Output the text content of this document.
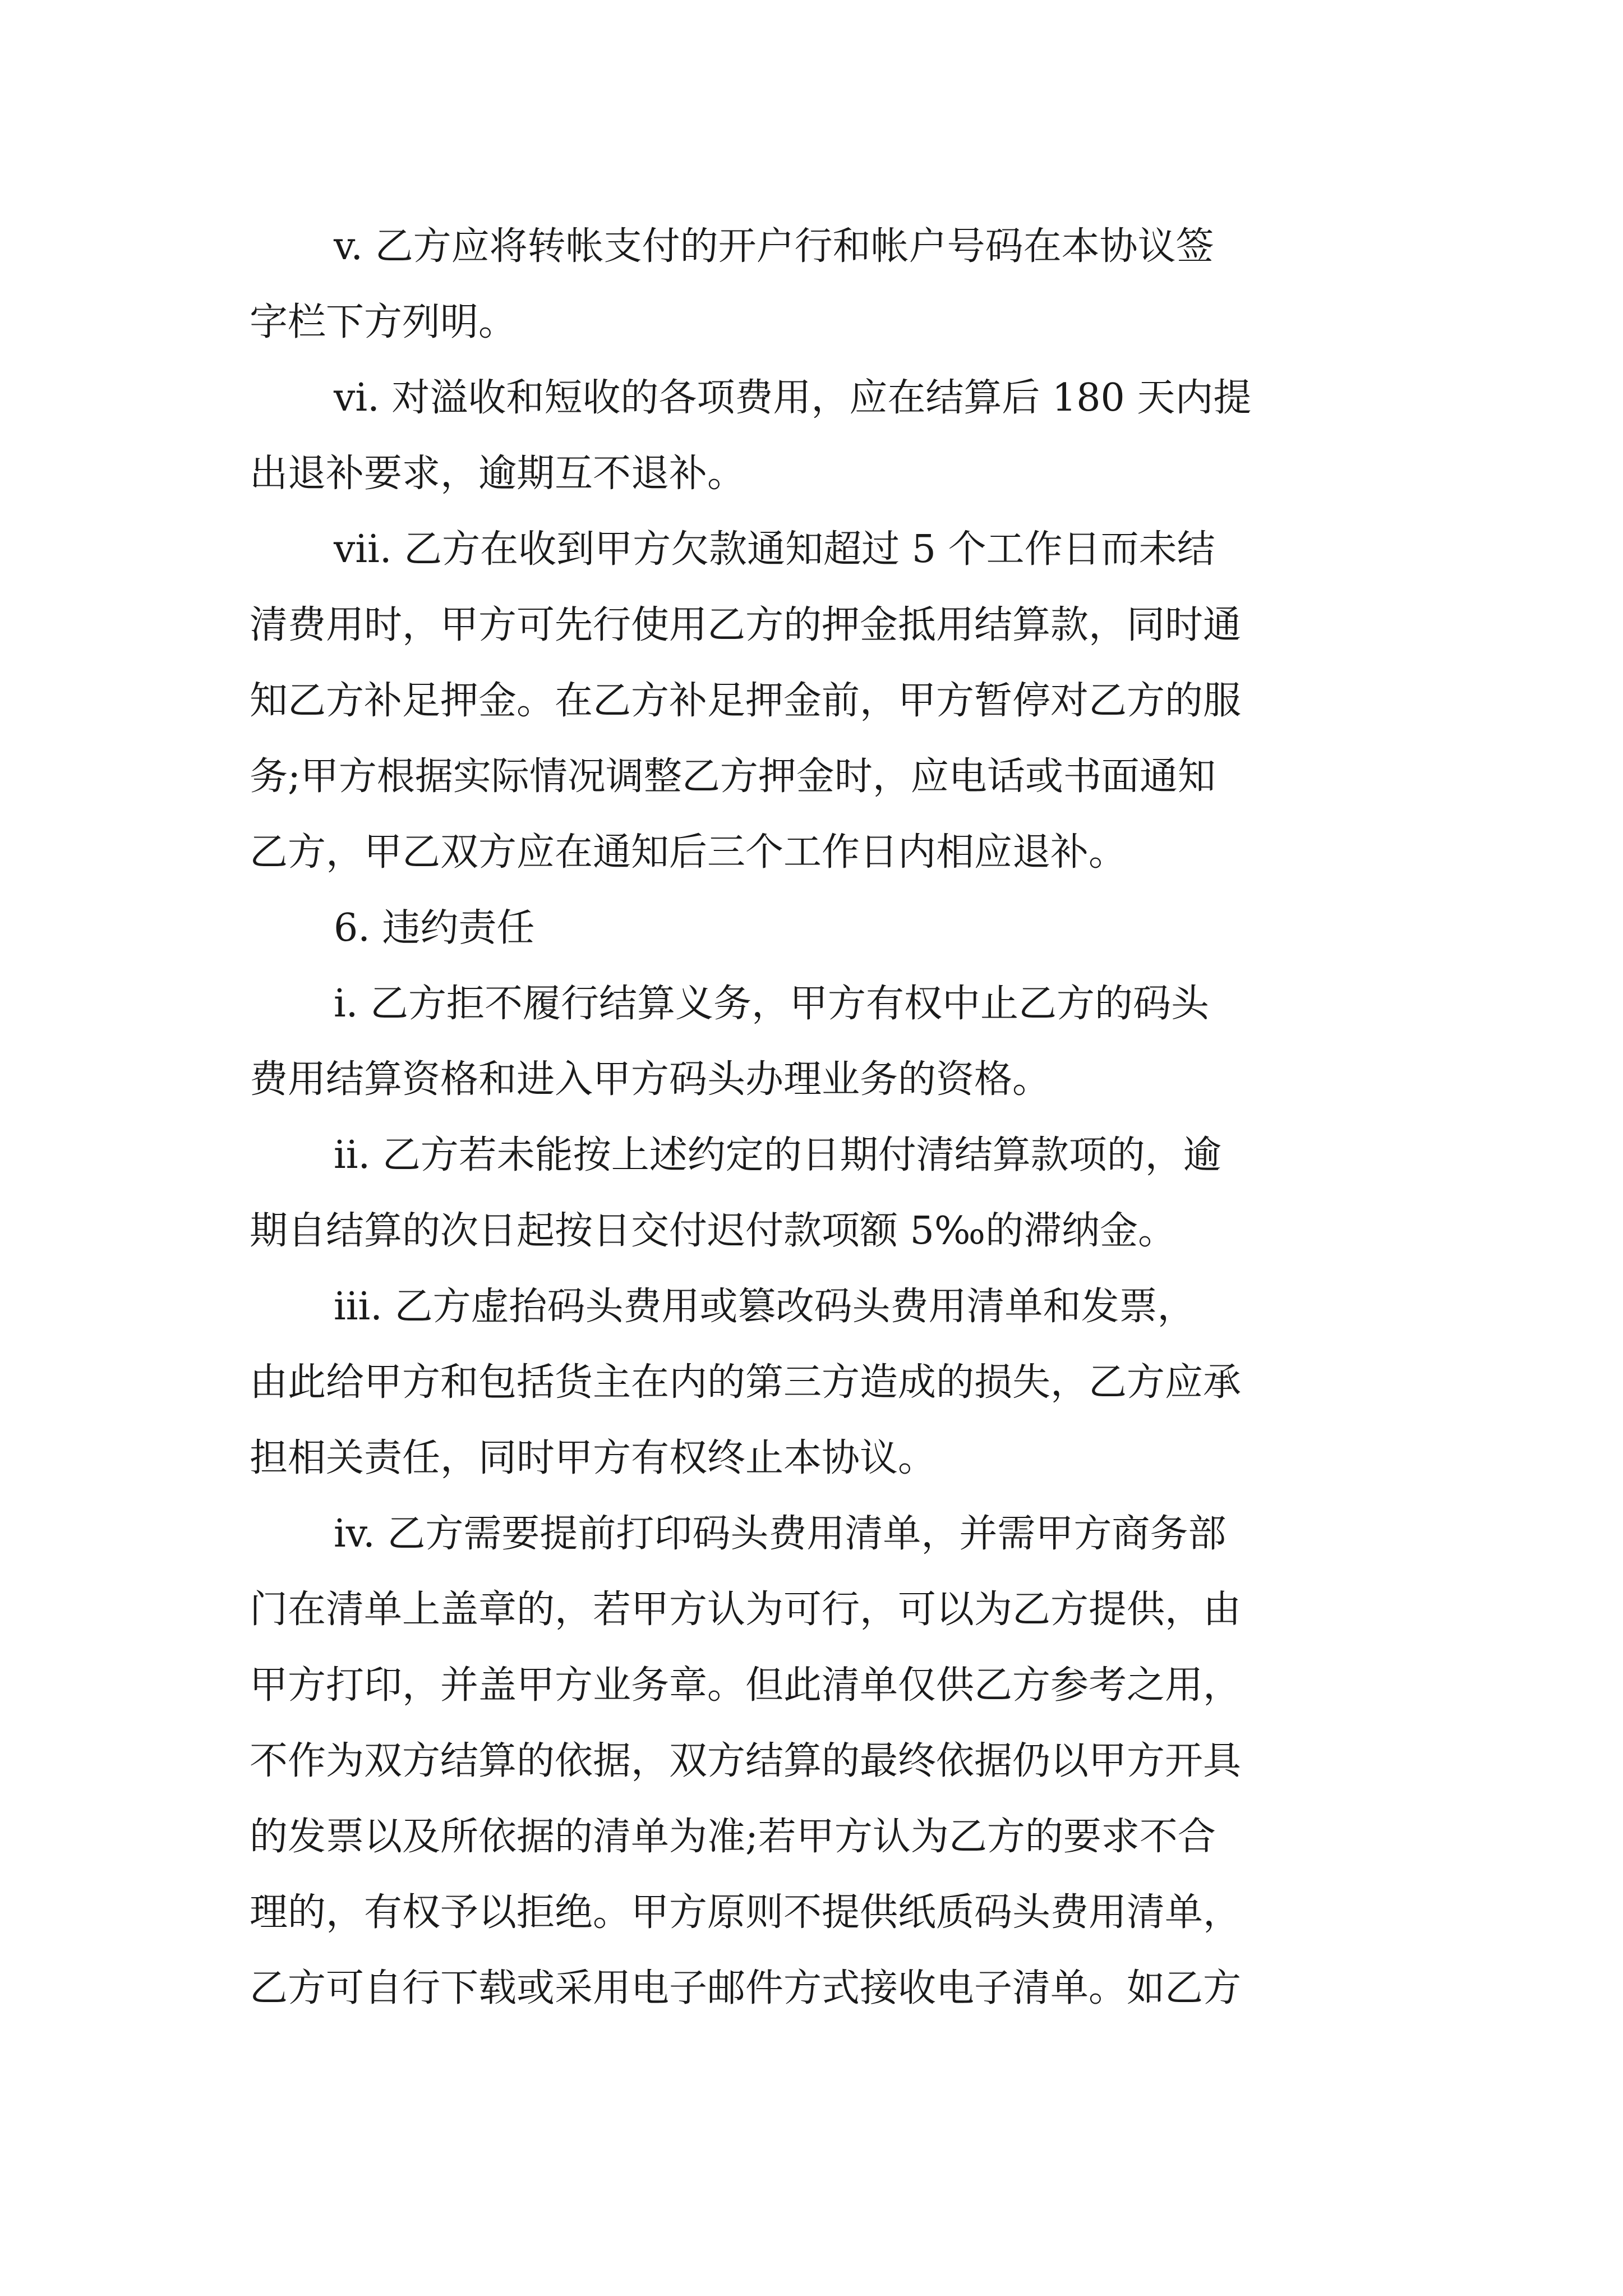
v. 乙方应将转帐支付的开户行和帐户号码在本协议签
字栏下方列明。
vi. 对溢收和短收的各项费用，应在结算后 180 天内提
出退补要求，逾期互不退补。
vii. 乙方在收到甲方欠款通知超过 5 个工作日而未结
清费用时，甲方可先行使用乙方的押金抵用结算款，同时通
知乙方补足押金。在乙方补足押金前，甲方暂停对乙方的服
务;甲方根据实际情况调整乙方押金时，应电话或书面通知
乙方，甲乙双方应在通知后三个工作日内相应退补。
6. 违约责任
i. 乙方拒不履行结算义务，甲方有权中止乙方的码头
费用结算资格和进入甲方码头办理业务的资格。
ii. 乙方若未能按上述约定的日期付清结算款项的，逾
期自结算的次日起按日交付迟付款项额 5‰的滞纳金。
iii. 乙方虚抬码头费用或篡改码头费用清单和发票，
由此给甲方和包括货主在内的第三方造成的损失，乙方应承
担相关责任，同时甲方有权终止本协议。
iv. 乙方需要提前打印码头费用清单，并需甲方商务部
门在清单上盖章的，若甲方认为可行，可以为乙方提供，由
甲方打印，并盖甲方业务章。但此清单仅供乙方参考之用，
不作为双方结算的依据，双方结算的最终依据仍以甲方开具
的发票以及所依据的清单为准;若甲方认为乙方的要求不合
理的，有权予以拒绝。甲方原则不提供纸质码头费用清单，
乙方可自行下载或采用电子邮件方式接收电子清单。如乙方
